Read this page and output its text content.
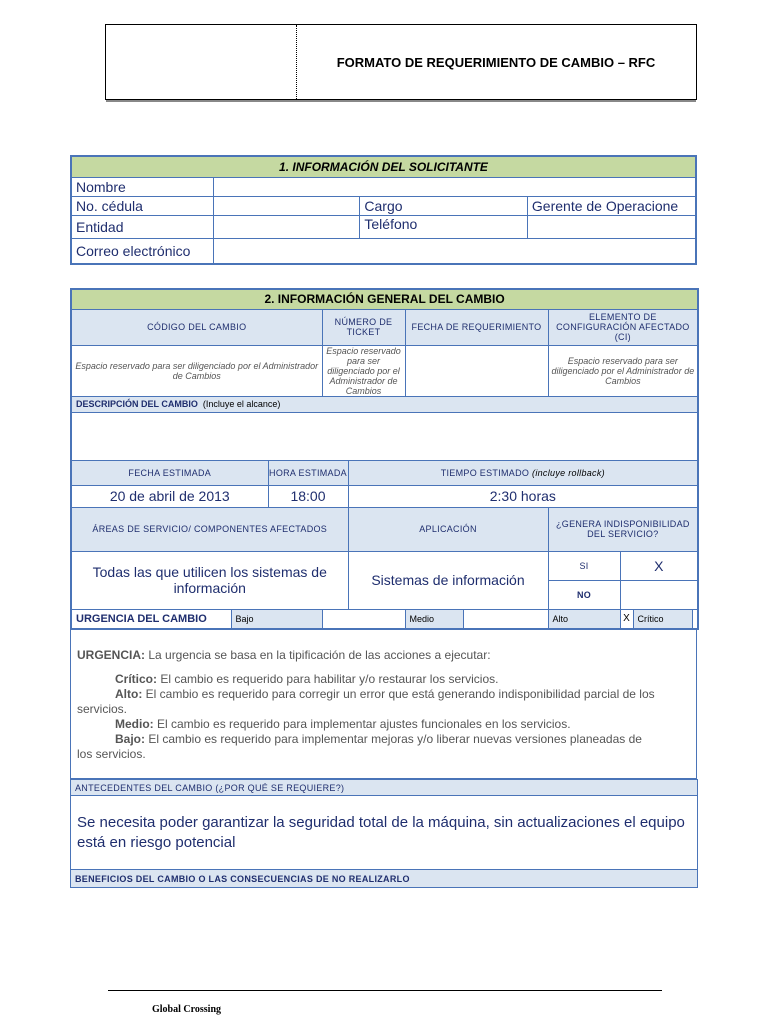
FORMATO DE REQUERIMIENTO DE CAMBIO – RFC
1. INFORMACIÓN DEL SOLICITANTE			
Nombre			
No. cédula		Cargo	Gerente de Operacione
Entidad		Teléfono	
Correo electrónico			
2. INFORMACIÓN GENERAL DEL CAMBIO										
CÓDIGO DEL CAMBIO			NÚMERO DE TICKET		FECHA DE REQUERIMIENTO		ELEMENTO DE CONFIGURACIÓN AFECTADO (CI)			
Espacio reservado para ser diligenciado por el Administrador de Cambios			Espacio reservado para ser diligenciado por el Administrador de Cambios				Espacio reservado para ser diligenciado por el Administrador de Cambios			
DESCRIPCIÓN DEL CAMBIO (Incluye el alcance)										

FECHA ESTIMADA		HORA ESTIMADA		TIEMPO ESTIMADO (incluye rollback)						
20 de abril de 2013		18:00		2:30 horas						
ÁREAS DE SERVICIO/ COMPONENTES AFECTADOS				APLICACIÓN			¿GENERA INDISPONIBILIDAD DEL SERVICIO?			
Todas las que utilicen los sistemas de información				Sistemas de información			SI	X		
							NO			
URGENCIA DEL CAMBIO	Bajo				Medio		Alto	X	Crítico	

URGENCIA: La urgencia se basa en la tipificación de las acciones a ejecutar:

Crítico: El cambio es requerido para habilitar y/o restaurar los servicios.

Alto: El cambio es requerido para corregir un error que está generando indisponibilidad parcial de los

servicios.

Medio: El cambio es requerido para implementar ajustes funcionales en los servicios.

Bajo: El cambio es requerido para implementar mejoras y/o liberar nuevas versiones planeadas de

los servicios.

ANTECEDENTES DEL CAMBIO (¿POR QUÉ SE REQUIERE?)
Se necesita poder garantizar la seguridad total de la máquina, sin actualizaciones el equipo está en riesgo potencial
BENEFICIOS DEL CAMBIO O LAS CONSECUENCIAS DE NO REALIZARLO
Global Crossing
